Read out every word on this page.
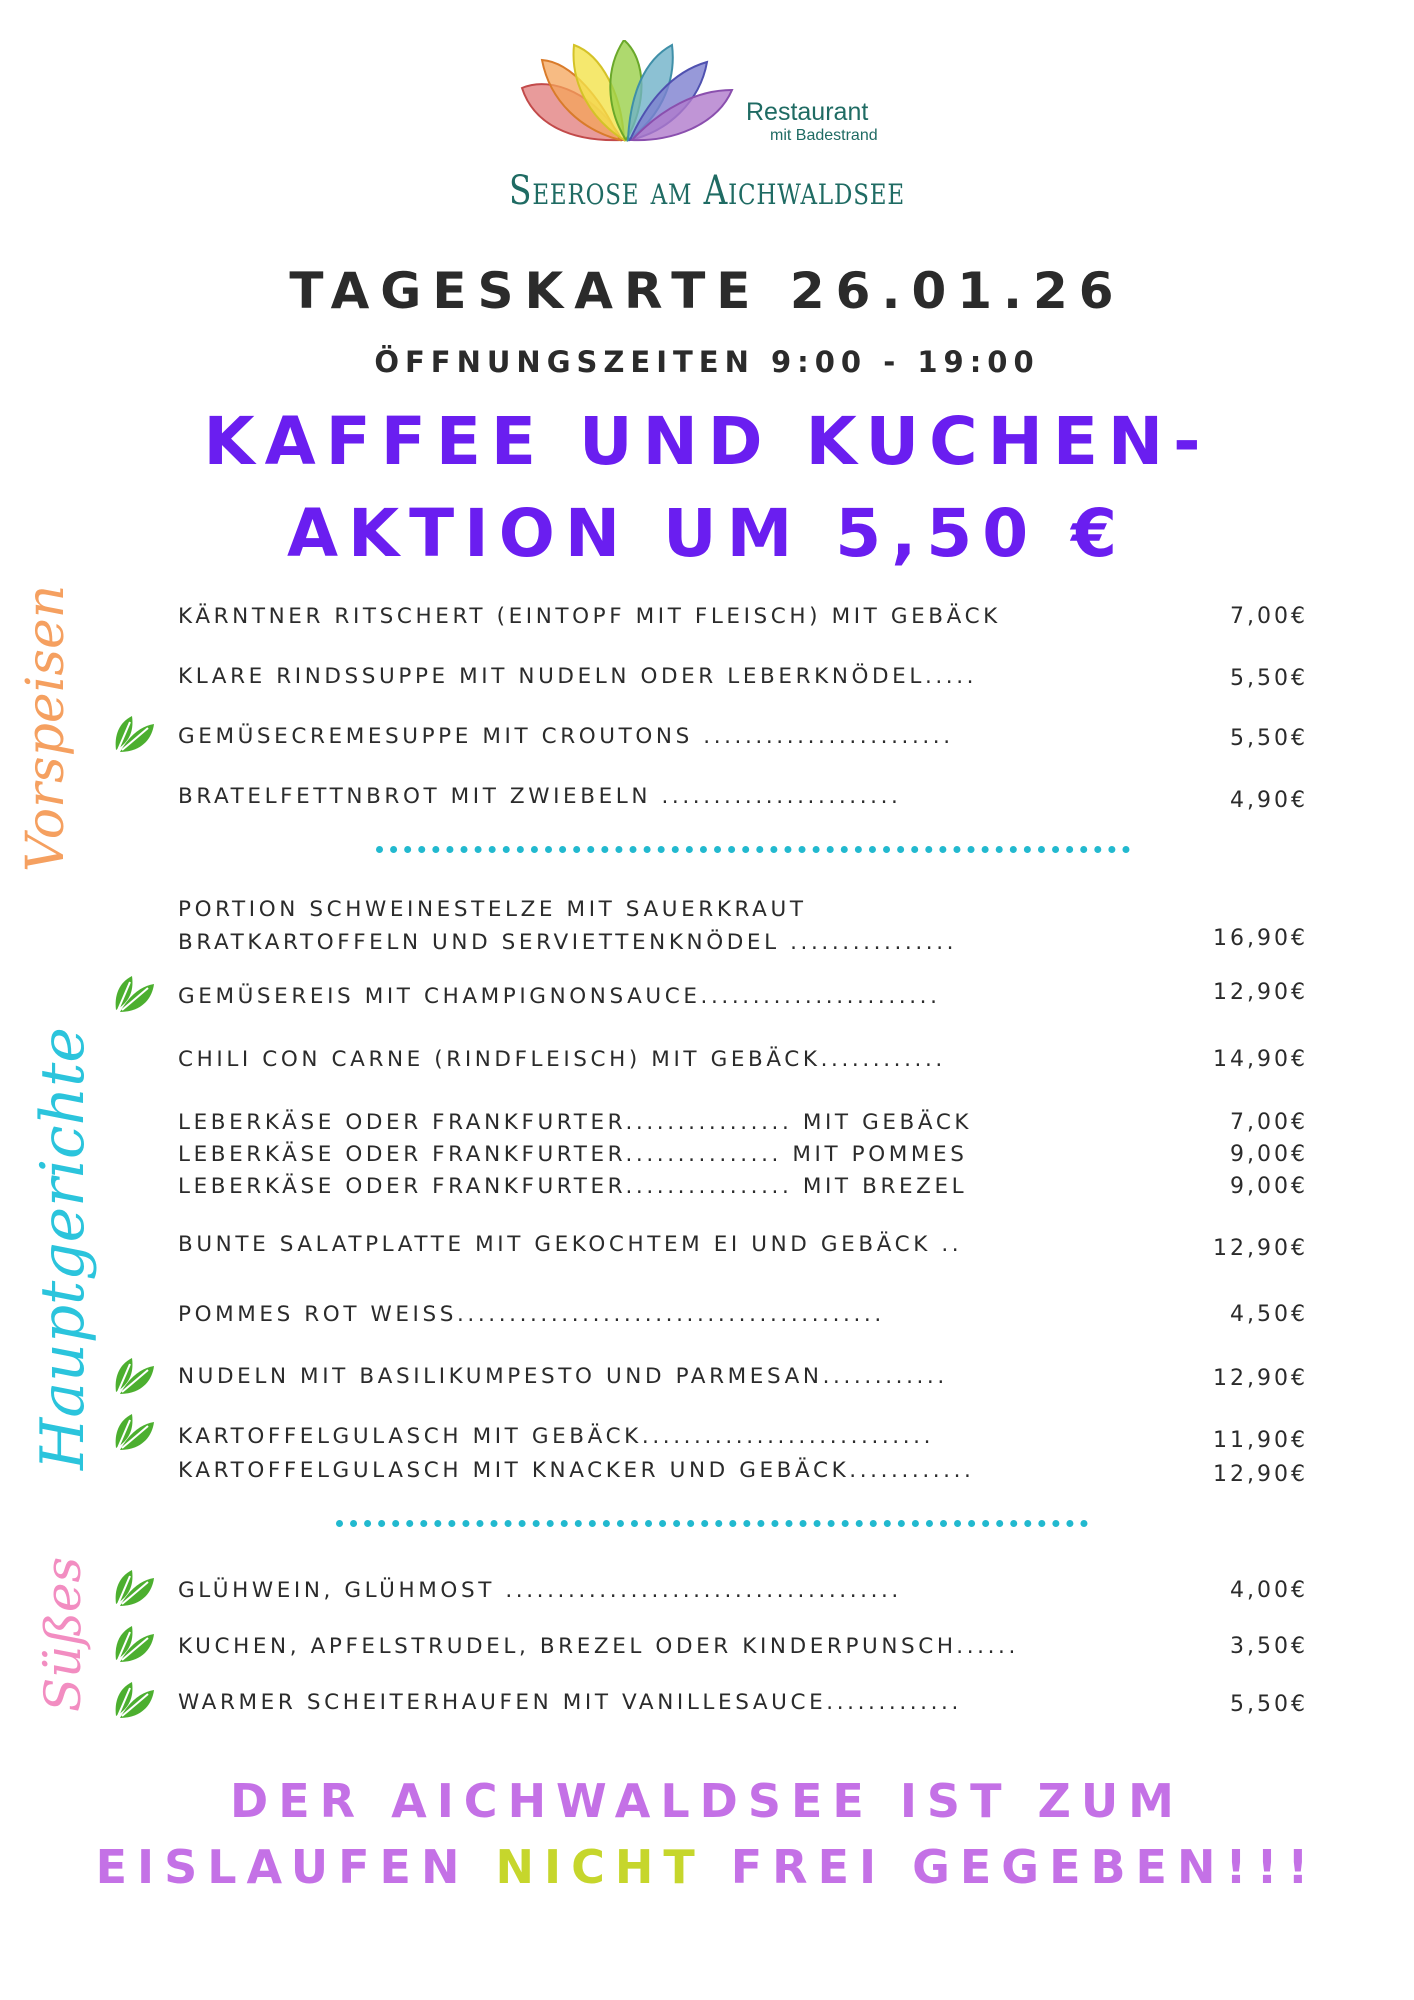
Restaurant
mit Badestrand
Seerose am Aichwaldsee
TAGESKARTE 26.01.26
ÖFFNUNGSZEITEN 9:00 - 19:00
KAFFEE UND KUCHEN-
AKTION UM 5,50 €
Vorspeisen
Hauptgerichte
Süßes
KÄRNTNER RITSCHERT (EINTOPF MIT FLEISCH) MIT GEBÄCK	7,00€
KLARE RINDSSUPPE MIT NUDELN ODER LEBERKNÖDEL.....	5,50€
GEMÜSECREMESUPPE MIT CROUTONS ........................	5,50€
BRATELFETTNBROT MIT ZWIEBELN .......................	4,90€
PORTION SCHWEINESTELZE MIT SAUERKRAUT
BRATKARTOFFELN UND SERVIETTENKNÖDEL ................	16,90€
GEMÜSEREIS MIT CHAMPIGNONSAUCE.......................	12,90€
CHILI CON CARNE (RINDFLEISCH) MIT GEBÄCK............	14,90€
LEBERKÄSE ODER FRANKFURTER................ MIT GEBÄCK	7,00€
LEBERKÄSE ODER FRANKFURTER............... MIT POMMES	9,00€
LEBERKÄSE ODER FRANKFURTER................ MIT BREZEL	9,00€
BUNTE SALATPLATTE MIT GEKOCHTEM EI UND GEBÄCK ..	12,90€
POMMES ROT WEISS.........................................	4,50€
NUDELN MIT BASILIKUMPESTO UND PARMESAN............	12,90€
KARTOFFELGULASCH MIT GEBÄCK............................	11,90€
KARTOFFELGULASCH MIT KNACKER UND GEBÄCK............	12,90€
GLÜHWEIN, GLÜHMOST ......................................	4,00€
KUCHEN, APFELSTRUDEL, BREZEL ODER KINDERPUNSCH......	3,50€
WARMER SCHEITERHAUFEN MIT VANILLESAUCE.............	5,50€
DER AICHWALDSEE IST ZUM
EISLAUFEN NICHT FREI GEGEBEN!!!
